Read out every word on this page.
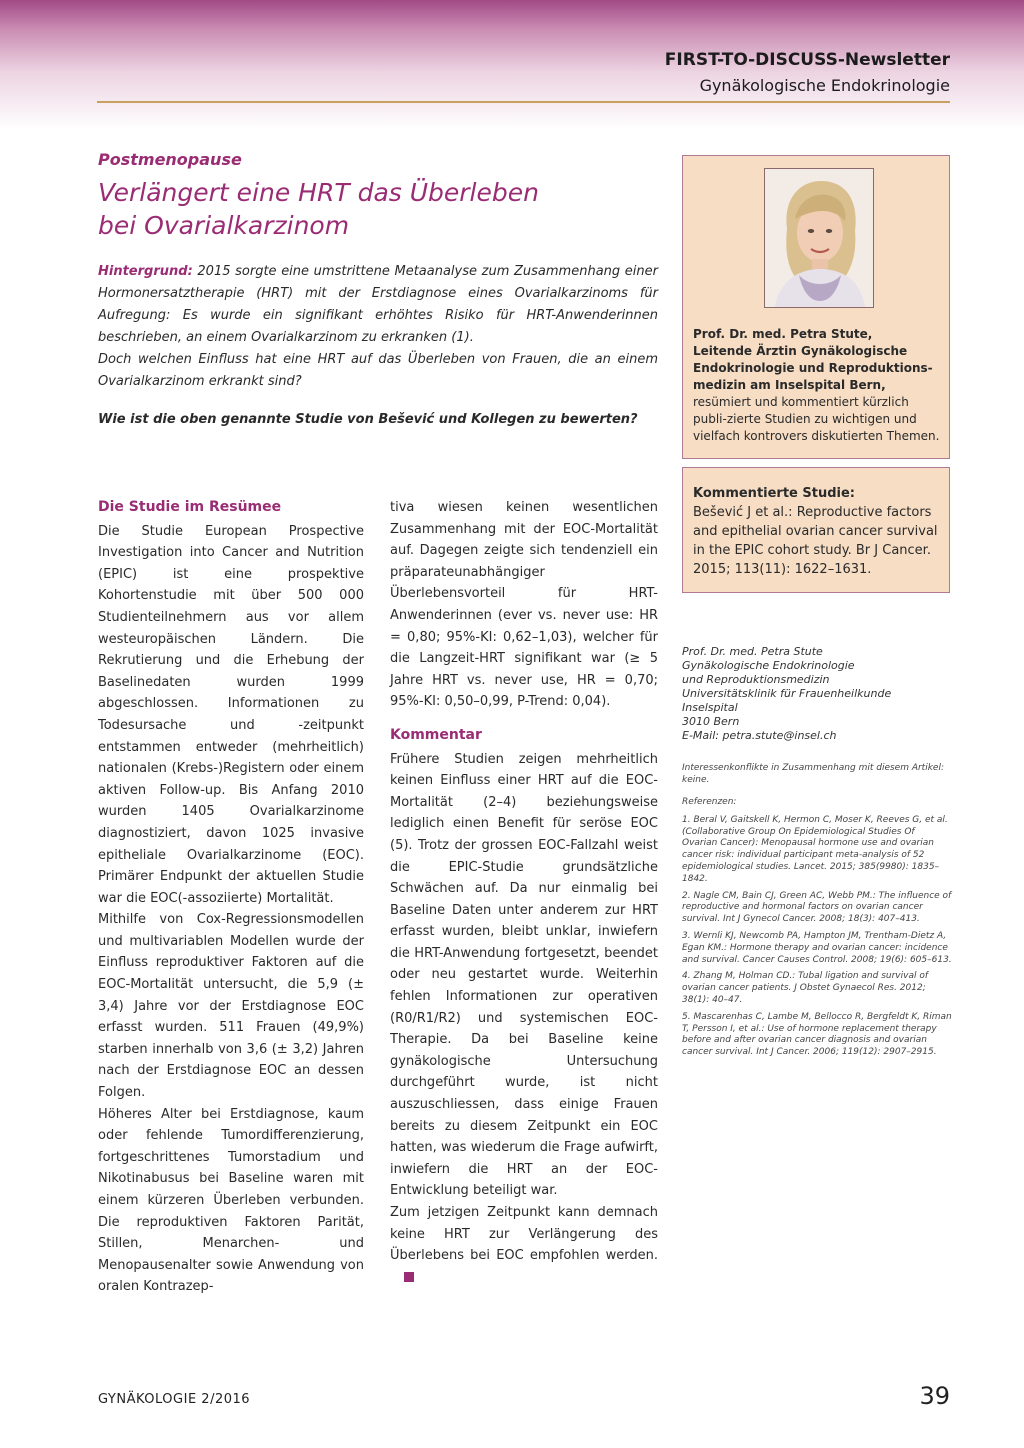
FIRST-TO-DISCUSS-Newsletter
Gynäkologische Endokrinologie
Postmenopause
Verlängert eine HRT das Überleben
bei Ovarialkarzinom

Hintergrund: 2015 sorgte eine umstrittene Metaanalyse zum Zusammenhang einer Hormonersatztherapie (HRT) mit der Erstdiagnose eines Ovarialkarzinoms für Aufregung: Es wurde ein signifikant erhöhtes Risiko für HRT-Anwenderinnen beschrieben, an einem Ovarialkarzinom zu erkranken (1).

Doch welchen Einfluss hat eine HRT auf das Überleben von Frauen, die an einem Ovarialkarzinom erkrankt sind?

Wie ist die oben genannte Studie von Bešević und Kollegen zu bewerten?

Prof. Dr. med. Petra Stute,
Leitende Ärztin Gynäkologische Endokrinologie und Reproduktions-medizin am Inselspital Bern,
resümiert und kommentiert kürzlich publi-zierte Studien zu wichtigen und vielfach kontrovers diskutierten Themen.
Kommentierte Studie:
Bešević J et al.: Reproductive factors and epithelial ovarian cancer survival in the EPIC cohort study. Br J Cancer. 2015; 113(11): 1622–1631.
Die Studie im Resümee

Die Studie European Prospective Investigation into Cancer and Nutrition (EPIC) ist eine prospektive Kohortenstudie mit über 500 000 Studienteilnehmern aus vor allem westeuropäischen Ländern. Die Rekrutierung und die Erhebung der Baselinedaten wurden 1999 abgeschlossen. Informationen zu Todesursache und -zeitpunkt entstammen entweder (mehrheitlich) nationalen (Krebs-)Registern oder einem aktiven Follow-up. Bis Anfang 2010 wurden 1405 Ovarialkarzinome diagnostiziert, davon 1025 invasive epitheliale Ovarialkarzinome (EOC). Primärer Endpunkt der aktuellen Studie war die EOC(-assoziierte) Mortalität.

Mithilfe von Cox-Regressionsmodellen und multivariablen Modellen wurde der Einfluss reproduktiver Faktoren auf die EOC-Mortalität untersucht, die 5,9 (± 3,4) Jahre vor der Erstdiagnose EOC erfasst wurden. 511 Frauen (49,9%) starben innerhalb von 3,6 (± 3,2) Jahren nach der Erstdiagnose EOC an dessen Folgen.

Höheres Alter bei Erstdiagnose, kaum oder fehlende Tumordifferenzierung, fortgeschrittenes Tumorstadium und Nikotinabusus bei Baseline waren mit einem kürzeren Überleben verbunden. Die reproduktiven Faktoren Parität, Stillen, Menarchen- und Menopausenalter sowie Anwendung von oralen Kontrazep-

tiva wiesen keinen wesentlichen Zusammenhang mit der EOC-Mortalität auf. Dagegen zeigte sich tendenziell ein präparateunabhängiger Überlebensvorteil für HRT-Anwenderinnen (ever vs. never use: HR = 0,80; 95%-KI: 0,62–1,03), welcher für die Langzeit-HRT signifikant war (≥ 5 Jahre HRT vs. never use, HR = 0,70; 95%-KI: 0,50–0,99, P-Trend: 0,04).

Kommentar

Frühere Studien zeigen mehrheitlich keinen Einfluss einer HRT auf die EOC-Mortalität (2–4) beziehungsweise lediglich einen Benefit für seröse EOC (5). Trotz der grossen EOC-Fallzahl weist die EPIC-Studie grundsätzliche Schwächen auf. Da nur einmalig bei Baseline Daten unter anderem zur HRT erfasst wurden, bleibt unklar, inwiefern die HRT-Anwendung fortgesetzt, beendet oder neu gestartet wurde. Weiterhin fehlen Informationen zur operativen (R0/R1/R2) und systemischen EOC-Therapie. Da bei Baseline keine gynäkologische Untersuchung durchgeführt wurde, ist nicht auszuschliessen, dass einige Frauen bereits zu diesem Zeitpunkt ein EOC hatten, was wiederum die Frage aufwirft, inwiefern die HRT an der EOC-Entwicklung beteiligt war.

Zum jetzigen Zeitpunkt kann demnach keine HRT zur Verlängerung des Überlebens bei EOC empfohlen werden.

Prof. Dr. med. Petra Stute
Gynäkologische Endokrinologie
und Reproduktionsmedizin
Universitätsklinik für Frauenheilkunde
Inselspital
3010 Bern
E-Mail: petra.stute@insel.ch
Interessenkonflikte in Zusammenhang mit diesem Artikel: keine.
Referenzen:
1. Beral V, Gaitskell K, Hermon C, Moser K, Reeves G, et al. (Collaborative Group On Epidemiological Studies Of Ovarian Cancer): Menopausal hormone use and ovarian cancer risk: individual participant meta-analysis of 52 epidemiological studies. Lancet. 2015; 385(9980): 1835–1842.
2. Nagle CM, Bain CJ, Green AC, Webb PM.: The influence of reproductive and hormonal factors on ovarian cancer survival. Int J Gynecol Cancer. 2008; 18(3): 407–413.
3. Wernli KJ, Newcomb PA, Hampton JM, Trentham-Dietz A, Egan KM.: Hormone therapy and ovarian cancer: incidence and survival. Cancer Causes Control. 2008; 19(6): 605–613.
4. Zhang M, Holman CD.: Tubal ligation and survival of ovarian cancer patients. J Obstet Gynaecol Res. 2012; 38(1): 40–47.
5. Mascarenhas C, Lambe M, Bellocco R, Bergfeldt K, Riman T, Persson I, et al.: Use of hormone replacement therapy before and after ovarian cancer diagnosis and ovarian cancer survival. Int J Cancer. 2006; 119(12): 2907–2915.
GYNÄKOLOGIE 2/2016	39
